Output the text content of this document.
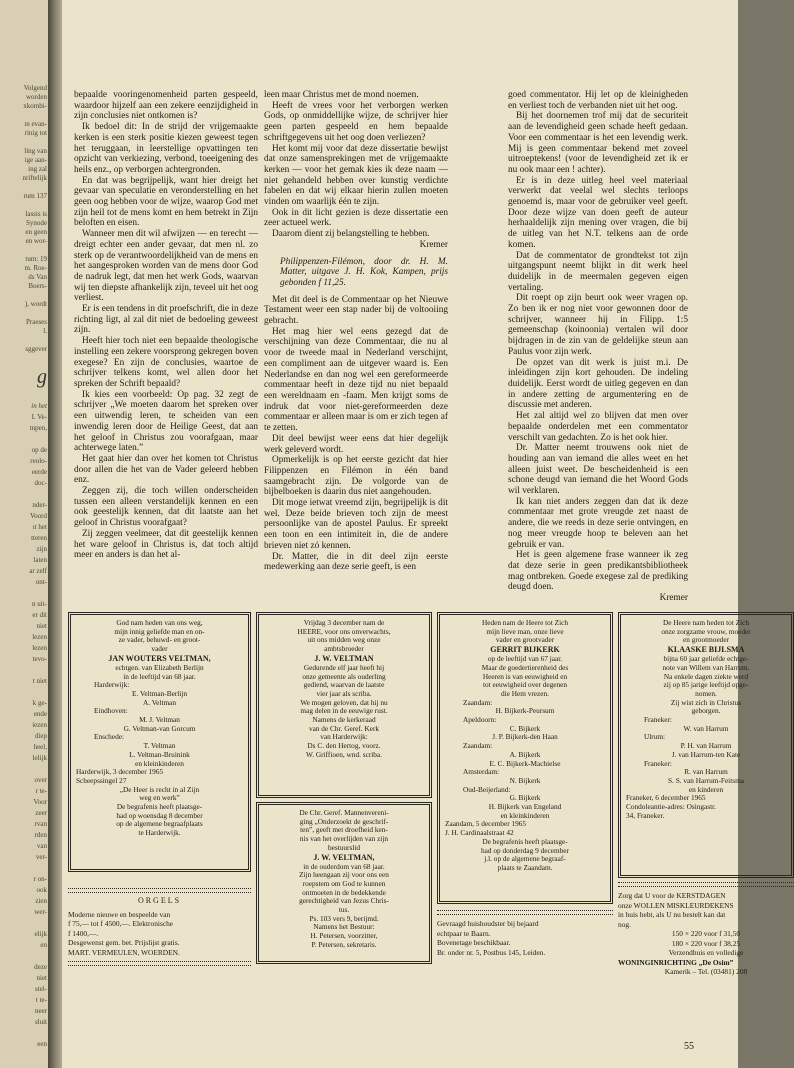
Volgend
worden
xkombi-
ın evan-
rinig tot
ling van
ige aan-
ing zal
nriftelijk
rum 137
lassis is
Synode
en geen
en wor-
tum: 19
m. Roe-
ds Van
Boers-
), wordt
Praeses
l.
sggever
g
in het
I. Ve-
mpen,
op de
reolo-
eerde
doc-
nder-
Voord
ıt het
tteren
zijn
laten
ar zelf
ont-
n uit-
er dit
niet
lezen
lezen
tevo-
t niet
k ge-
ende
iezen
diep
heel,
lelijk
over
r te-
Voor
zeer
rvan
rden
van
ver-
r on-
ook
zien
wer-
elijk
en
deze
niet
stel-
t te-
neer
sluit
een

bepaalde vooringenomenheid parten gespeeld, waardoor hijzelf aan een zekere eenzijdigheid in zijn conclusies niet ontkomen is?

Ik bedoel dit: In de strijd der vrijgemaakte kerken is een sterk positie kiezen geweest tegen het teruggaan, in leerstellige opvattingen ten opzicht van verkiezing, verbond, toeeigening des heils enz., op verborgen achtergronden.

En dat was begrijpelijk, want hier dreigt het gevaar van speculatie en veronderstelling en het geen oog hebben voor de wijze, waarop God met zijn heil tot de mens komt en hem betrekt in Zijn beloften en eisen.

Wanneer men dit wil afwijzen — en terecht — dreigt echter een ander gevaar, dat men nl. zo sterk op de verantwoordelijkheid van de mens en het aangesproken worden van de mens door God de nadruk legt, dat men het werk Gods, waarvan wij ten diepste afhankelijk zijn, teveel uit het oog verliest.

Er is een tendens in dit proefschrift, die in deze richting ligt, al zal dit niet de bedoeling geweest zijn.

Heeft hier toch niet een bepaalde theologische instelling een zekere voorsprong gekregen boven exegese? En zijn de conclusies, waartoe de schrijver telkens komt, wel allen door het spreken der Schrift bepaald?

Ik kies een voorbeeld: Op pag. 32 zegt de schrijver „We moeten daarom het spreken over een uitwendig leren, te scheiden van een inwendig leren door de Heilige Geest, dat aan het geloof in Christus zou voorafgaan, maar achterwege laten.”

Het gaat hier dan over het komen tot Christus door allen die het van de Vader geleerd hebben enz.

Zeggen zij, die toch willen onderscheiden tussen een alleen verstandelijk kennen en een ook geestelijk kennen, dat dit laatste aan het geloof in Christus voorafgaat?

Zij zeggen veelmeer, dat dit geestelijk kennen het ware geloof in Christus is, dat toch altijd meer en anders is dan het al-

leen maar Christus met de mond noemen.

Heeft de vrees voor het verborgen werken Gods, op onmiddellijke wijze, de schrijver hier geen parten gespeeld en hem bepaalde schriftgegevens uit het oog doen verliezen?

Het komt mij voor dat deze dissertatie bewijst dat onze samensprekingen met de vrijgemaakte kerken — voor het gemak kies ik deze naam — niet gehandeld hebben over kunstig verdichte fabelen en dat wij elkaar hierin zullen moeten vinden om waarlijk één te zijn.

Ook in dit licht gezien is deze dissertatie een zeer actueel werk.

Daarom dient zij belangstelling te hebben.

Kremer

Philippenzen-Filémon, door dr. H. M. Matter, uitgave J. H. Kok, Kampen, prijs gebonden f 11,25.

Met dit deel is de Commentaar op het Nieuwe Testament weer een stap nader bij de voltooiing gebracht.

Het mag hier wel eens gezegd dat de verschijning van deze Commentaar, die nu al voor de tweede maal in Nederland verschijnt, een compliment aan de uitgever waard is. Een Nederlandse en dan nog wel een gereformeerde commentaar heeft in deze tijd nu niet bepaald een wereldnaam en -faam. Men krijgt soms de indruk dat voor niet-gereformeerden deze commentaar er alleen maar is om er zich tegen af te zetten.

Dit deel bewijst weer eens dat hier degelijk werk geleverd wordt.

Opmerkelijk is op het eerste gezicht dat hier Filippenzen en Filémon in één band saamgebracht zijn. De volgorde van de bijbelboeken is daarin dus niet aangehouden.

Dit moge ietwat vreemd zijn, begrijpelijk is dit wel. Deze beide brieven toch zijn de meest persoonlijke van de apostel Paulus. Er spreekt een toon en een intimiteit in, die de andere brieven niet zó kennen.

Dr. Matter, die in dit deel zijn eerste medewerking aan deze serie geeft, is een

goed commentator. Hij let op de kleinigheden en verliest toch de verbanden niet uit het oog.

Bij het doornemen trof mij dat de securiteit aan de levendigheid geen schade heeft gedaan. Voor een commentaar is het een levendig werk. Mij is geen commentaar bekend met zoveel uitroeptekens! (voor de levendigheid zet ik er nu ook maar een ! achter).

Er is in deze uitleg heel veel materiaal verwerkt dat veelal wel slechts terloops genoemd is, maar voor de gebruiker veel geeft. Door deze wijze van doen geeft de auteur herhaaldelijk zijn mening over vragen, die bij de uitleg van het N.T. telkens aan de orde komen.

Dat de commentator de grondtekst tot zijn uitgangspunt neemt blijkt in dit werk heel duidelijk in de meermalen gegeven eigen vertaling.

Dit roept op zijn beurt ook weer vragen op. Zo ben ik er nog niet voor gewonnen door de schrijver, wanneer hij in Filipp. 1:5 gemeenschap (koinoonia) vertalen wil door bijdragen in de zin van de geldelijke steun aan Paulus voor zijn werk.

De opzet van dit werk is juist m.i. De inleidingen zijn kort gehouden. De indeling duidelijk. Eerst wordt de uitleg gegeven en dan in andere zetting de argumentering en de discussie met anderen.

Het zal altijd wel zo blijven dat men over bepaalde onderdelen met een commentator verschilt van gedachten. Zo is het ook hier.

Dr. Matter neemt trouwens ook niet de houding aan van iemand die alles weet en het alleen juist weet. De bescheidenheid is een schone deugd van iemand die het Woord Gods wil verklaren.

Ik kan niet anders zeggen dan dat ik deze commentaar met grote vreugde zet naast de andere, die we reeds in deze serie ontvingen, en nog meer vreugde hoop te beleven aan het gebruik er van.

Het is geen algemene frase wanneer ik zeg dat deze serie in geen predikantsbibliotheek mag ontbreken. Goede exegese zal de prediking deugd doen.

Kremer

God nam heden van ons weg,
mijn innig geliefde man en on-
ze vader, behuwd- en groot-
vader
JAN WOUTERS VELTMAN,
echtgen. van Elizabeth Berlijn
in de leeftijd van 68 jaar.
Harderwijk:
E. Veltman-Berlijn
A. Veltman
Eindhoven:
M. J. Veltman
G. Veltman-van Gorcum
Enschede:
T. Veltman
L. Veltman-Bruinink
en kleinkinderen
Harderwijk, 3 december 1965
Scheepssingel 27
„De Heer is recht in al Zijn
weg en werk”
De begrafenis heeft plaatsge-
had op woensdag 8 december
op de algemene begraafplaats
te Harderwijk.
Vrijdag 3 december nam de
HEERE, voor ons onverwachts,
uit ons midden weg onze
ambtsbroeder
J. W. VELTMAN
Gedurende elf jaar heeft hij
onze gemeente als ouderling
gediend, waarvan de laatste
vier jaar als scriba.
We mogen geloven, dat hij nu
mag delen in de eeuwige rust.
Namens de kerkeraad
van de Chr. Geref. Kerk
van Harderwijk:
Ds C. den Hertog, voorz.
W. Griffioen, wnd. scriba.
De Chr. Geref. Mannenvereni-
ging „Onderzoekt de geschrif-
ten”, geeft met droefheid ken-
nis van het overlijden van zijn
bestuurslid
J. W. VELTMAN,
in de ouderdom van 68 jaar.
Zijn heengaan zij voor ons een
roepstem om God te kunnen
ontmoeten in de bedekkende
gerechtigheid van Jezus Chris-
tus.
Ps. 103 vers 9, berijmd.
Namens het Bestuur:
H. Petersen, voorzitter,
P. Petersen, sekretaris.
Heden nam de Heere tot Zich
mijn lieve man, onze lieve
vader en grootvader
GERRIT BIJKERK
op de leeftijd van 67 jaar.
Maar de goedertierenheid des
Heeren is van eeuwigheid en
tot eeuwigheid over degenen
die Hem vrezen.
Zaandam:
H. Bijkerk-Peursum
Apeldoorn:
C. Bijkerk
J. P. Bijkerk-den Haan
Zaandam:
A. Bijkerk
E. C. Bijkerk-Machielse
Amsterdam:
N. Bijkerk
Oud-Beijerland:
G. Bijkerk
H. Bijkerk van Engeland
en kleinkinderen
Zaandam, 5 december 1965
J. H. Cardinaalstraat 42
De begrafenis heeft plaatsge-
had op donderdag 9 december
j.l. op de algemene begraaf-
plaats te Zaandam.
De Heere nam heden tot Zich
onze zorgzame vrouw, moeder
en grootmoeder
KLAASKE BIJLSMA
bijna 60 jaar geliefde echtge-
note van Willem van Harrum.
Na enkele dagen ziekte werd
zij op 85 jarige leeftijd opge-
nomen.
Zij wist zich in Christus
geborgen.
Franeker:
W. van Harrum
Ulrum:
P. H. van Harrum
J. van Harrum-ten Kate
Franeker:
R. van Harrum
S. S. van Harrum-Feitsma
en kinderen
Franeker, 6 december 1965
Condoleantie-adres: Osingastr.
34, Franeker.
ORGELS

Moderne nieuwe en bespeelde van

f 75,— tot f 4500,—. Elektronische

f 1400,—.

Desgewenst gem. bet. Prijslijst gratis.

MART. VERMEULEN, WOERDEN.

Gevraagd huishoudster bij bejaard

echtpaar te Baarn.

Bovenetage beschikbaar.

Br. onder nr. 5, Postbus 145, Leiden.

Zorg dat U voor de KERSTDAGEN

onze WOLLEN MISKLEURDEKENS

in huis hebt, als U nu bestelt kan dat

nog.

150 × 220 voor f 31,50

180 × 220 voor f 38,25

Verzendhuis en volledige

WONINGINRICHTING „De Osim”

Kamerik – Tel. (03481) 208

55
